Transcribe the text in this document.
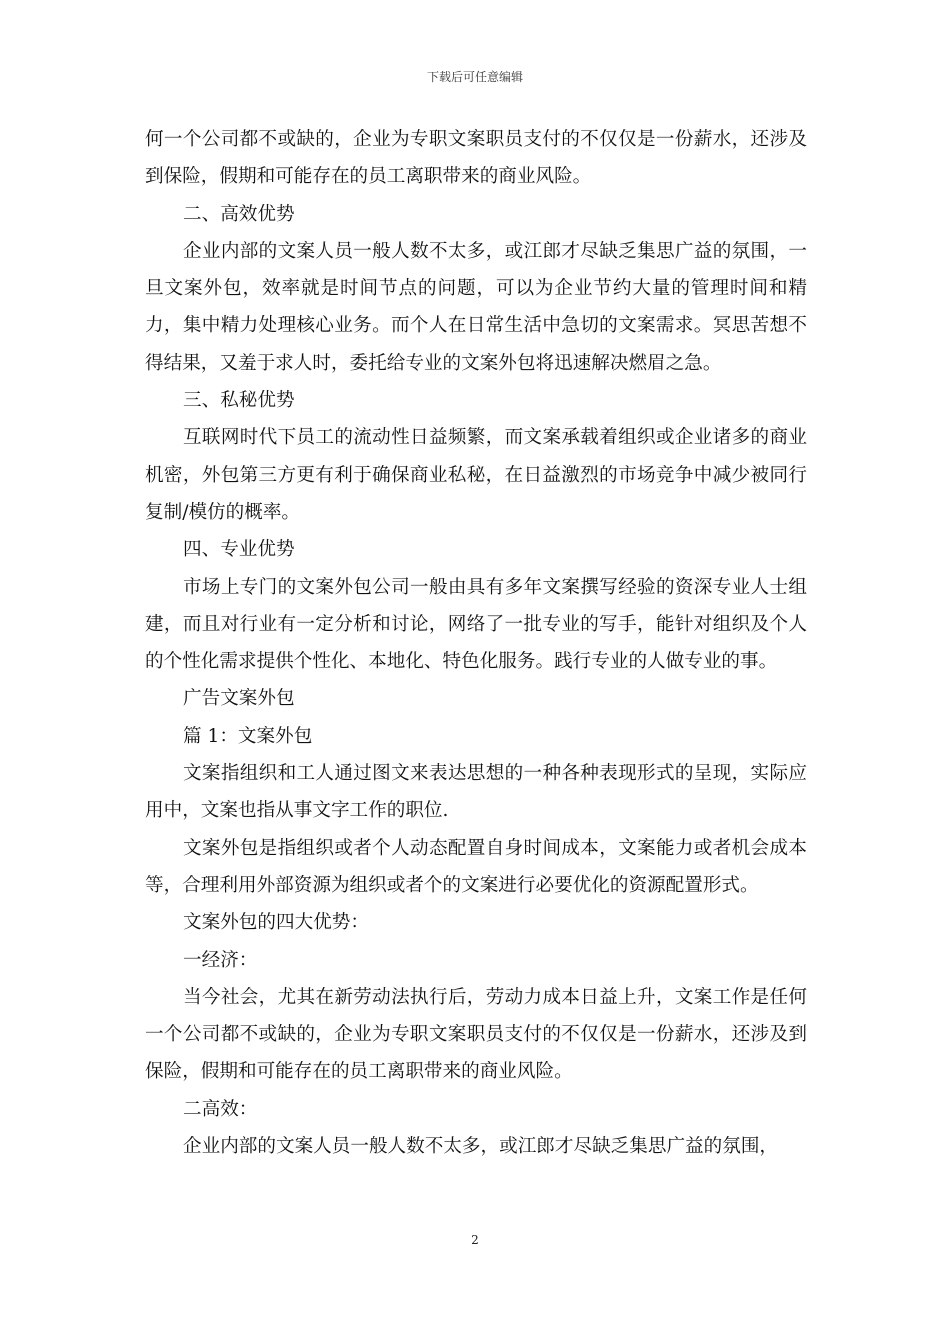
下载后可任意编辑

何一个公司都不或缺的，企业为专职文案职员支付的不仅仅是一份薪水，还涉及到保险，假期和可能存在的员工离职带来的商业风险。

二、高效优势

企业内部的文案人员一般人数不太多，或江郎才尽缺乏集思广益的氛围，一旦文案外包，效率就是时间节点的问题，可以为企业节约大量的管理时间和精力，集中精力处理核心业务。而个人在日常生活中急切的文案需求。冥思苦想不得结果，又羞于求人时，委托给专业的文案外包将迅速解决燃眉之急。

三、私秘优势

互联网时代下员工的流动性日益频繁，而文案承载着组织或企业诸多的商业机密，外包第三方更有利于确保商业私秘，在日益激烈的市场竞争中减少被同行复制/模仿的概率。

四、专业优势

市场上专门的文案外包公司一般由具有多年文案撰写经验的资深专业人士组建，而且对行业有一定分析和讨论，网络了一批专业的写手，能针对组织及个人的个性化需求提供个性化、本地化、特色化服务。践行专业的人做专业的事。

广告文案外包

篇 1：文案外包

文案指组织和工人通过图文来表达思想的一种各种表现形式的呈现，实际应用中，文案也指从事文字工作的职位.

文案外包是指组织或者个人动态配置自身时间成本，文案能力或者机会成本等，合理利用外部资源为组织或者个的文案进行必要优化的资源配置形式。

文案外包的四大优势：

一经济：

当今社会，尤其在新劳动法执行后，劳动力成本日益上升，文案工作是任何一个公司都不或缺的，企业为专职文案职员支付的不仅仅是一份薪水，还涉及到保险，假期和可能存在的员工离职带来的商业风险。

二高效：

企业内部的文案人员一般人数不太多，或江郎才尽缺乏集思广益的氛围，

2
